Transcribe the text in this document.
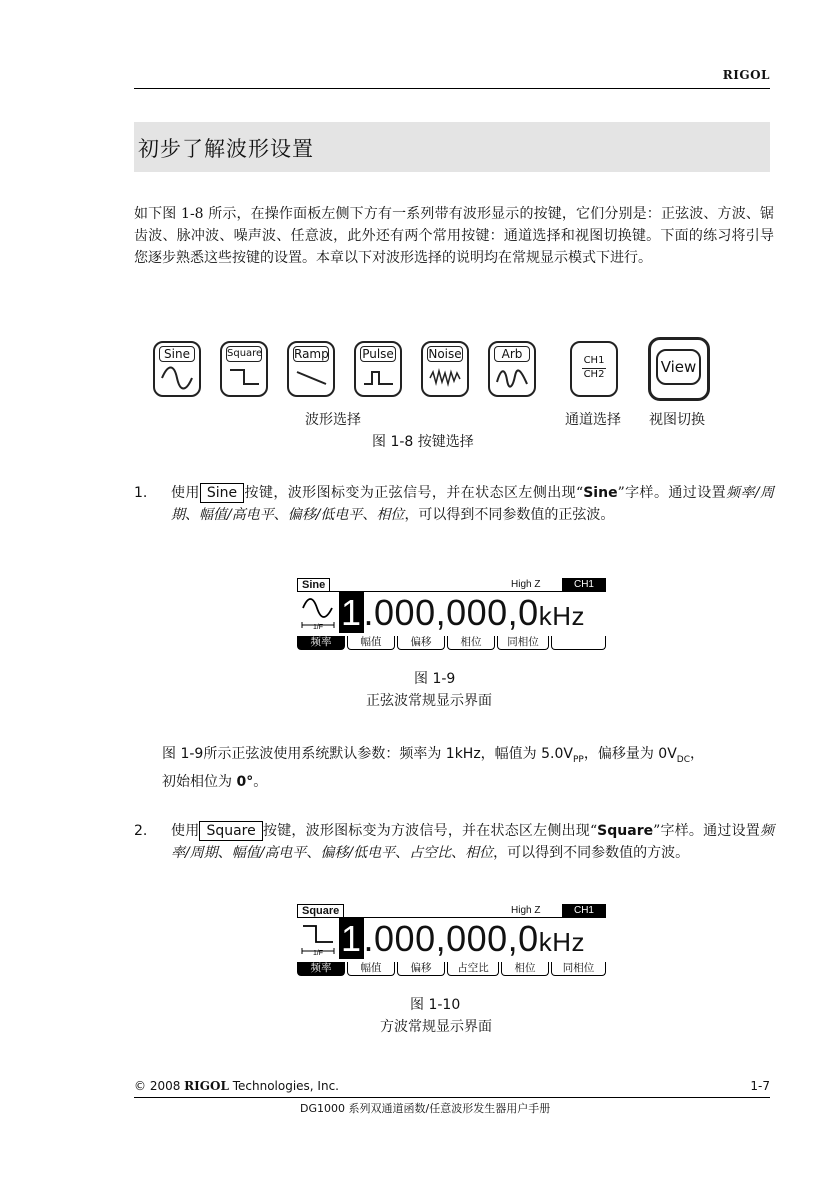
RIGOL
初步了解波形设置
如下图 1-8 所示，在操作面板左侧下方有一系列带有波形显示的按键，它们分别是：正弦波、方波、锯齿波、脉冲波、噪声波、任意波，此外还有两个常用按键：通道选择和视图切换键。下面的练习将引导您逐步熟悉这些按键的设置。本章以下对波形选择的说明均在常规显示模式下进行。
Sine	Square	Ramp	Pulse	Noise	Arb	CH1
CH2	View
波形选择	通道选择 视图切换
图 1-8 按键选择
1. 使用 Sine 按键，波形图标变为正弦信号，并在状态区左侧出现“Sine”字样。通过设置频率/周期、幅值/高电平、偏移/低电平、相位，可以得到不同参数值的正弦波。
Sine	High Z	CH1
1/F 1.000,000,0kHz
频率	幅值	偏移	相位	同相位
图 1-9
正弦波常规显示界面
图 1-9所示正弦波使用系统默认参数：频率为 1kHz，幅值为 $5.0V_{PP}$，偏移量为 $0V_{DC}$，
初始相位为 0°。
2. 使用 Square 按键，波形图标变为方波信号，并在状态区左侧出现“Square”字样。通过设置频率/周期、幅值/高电平、偏移/低电平、占空比、相位，可以得到不同参数值的方波。
Square	High Z	CH1
1/F 1.000,000,0kHz
频率	幅值	偏移	占空比	相位	同相位
图 1-10
方波常规显示界面
© 2008 RIGOL Technologies, Inc.	1-7
DG1000 系列双通道函数/任意波形发生器用户手册
